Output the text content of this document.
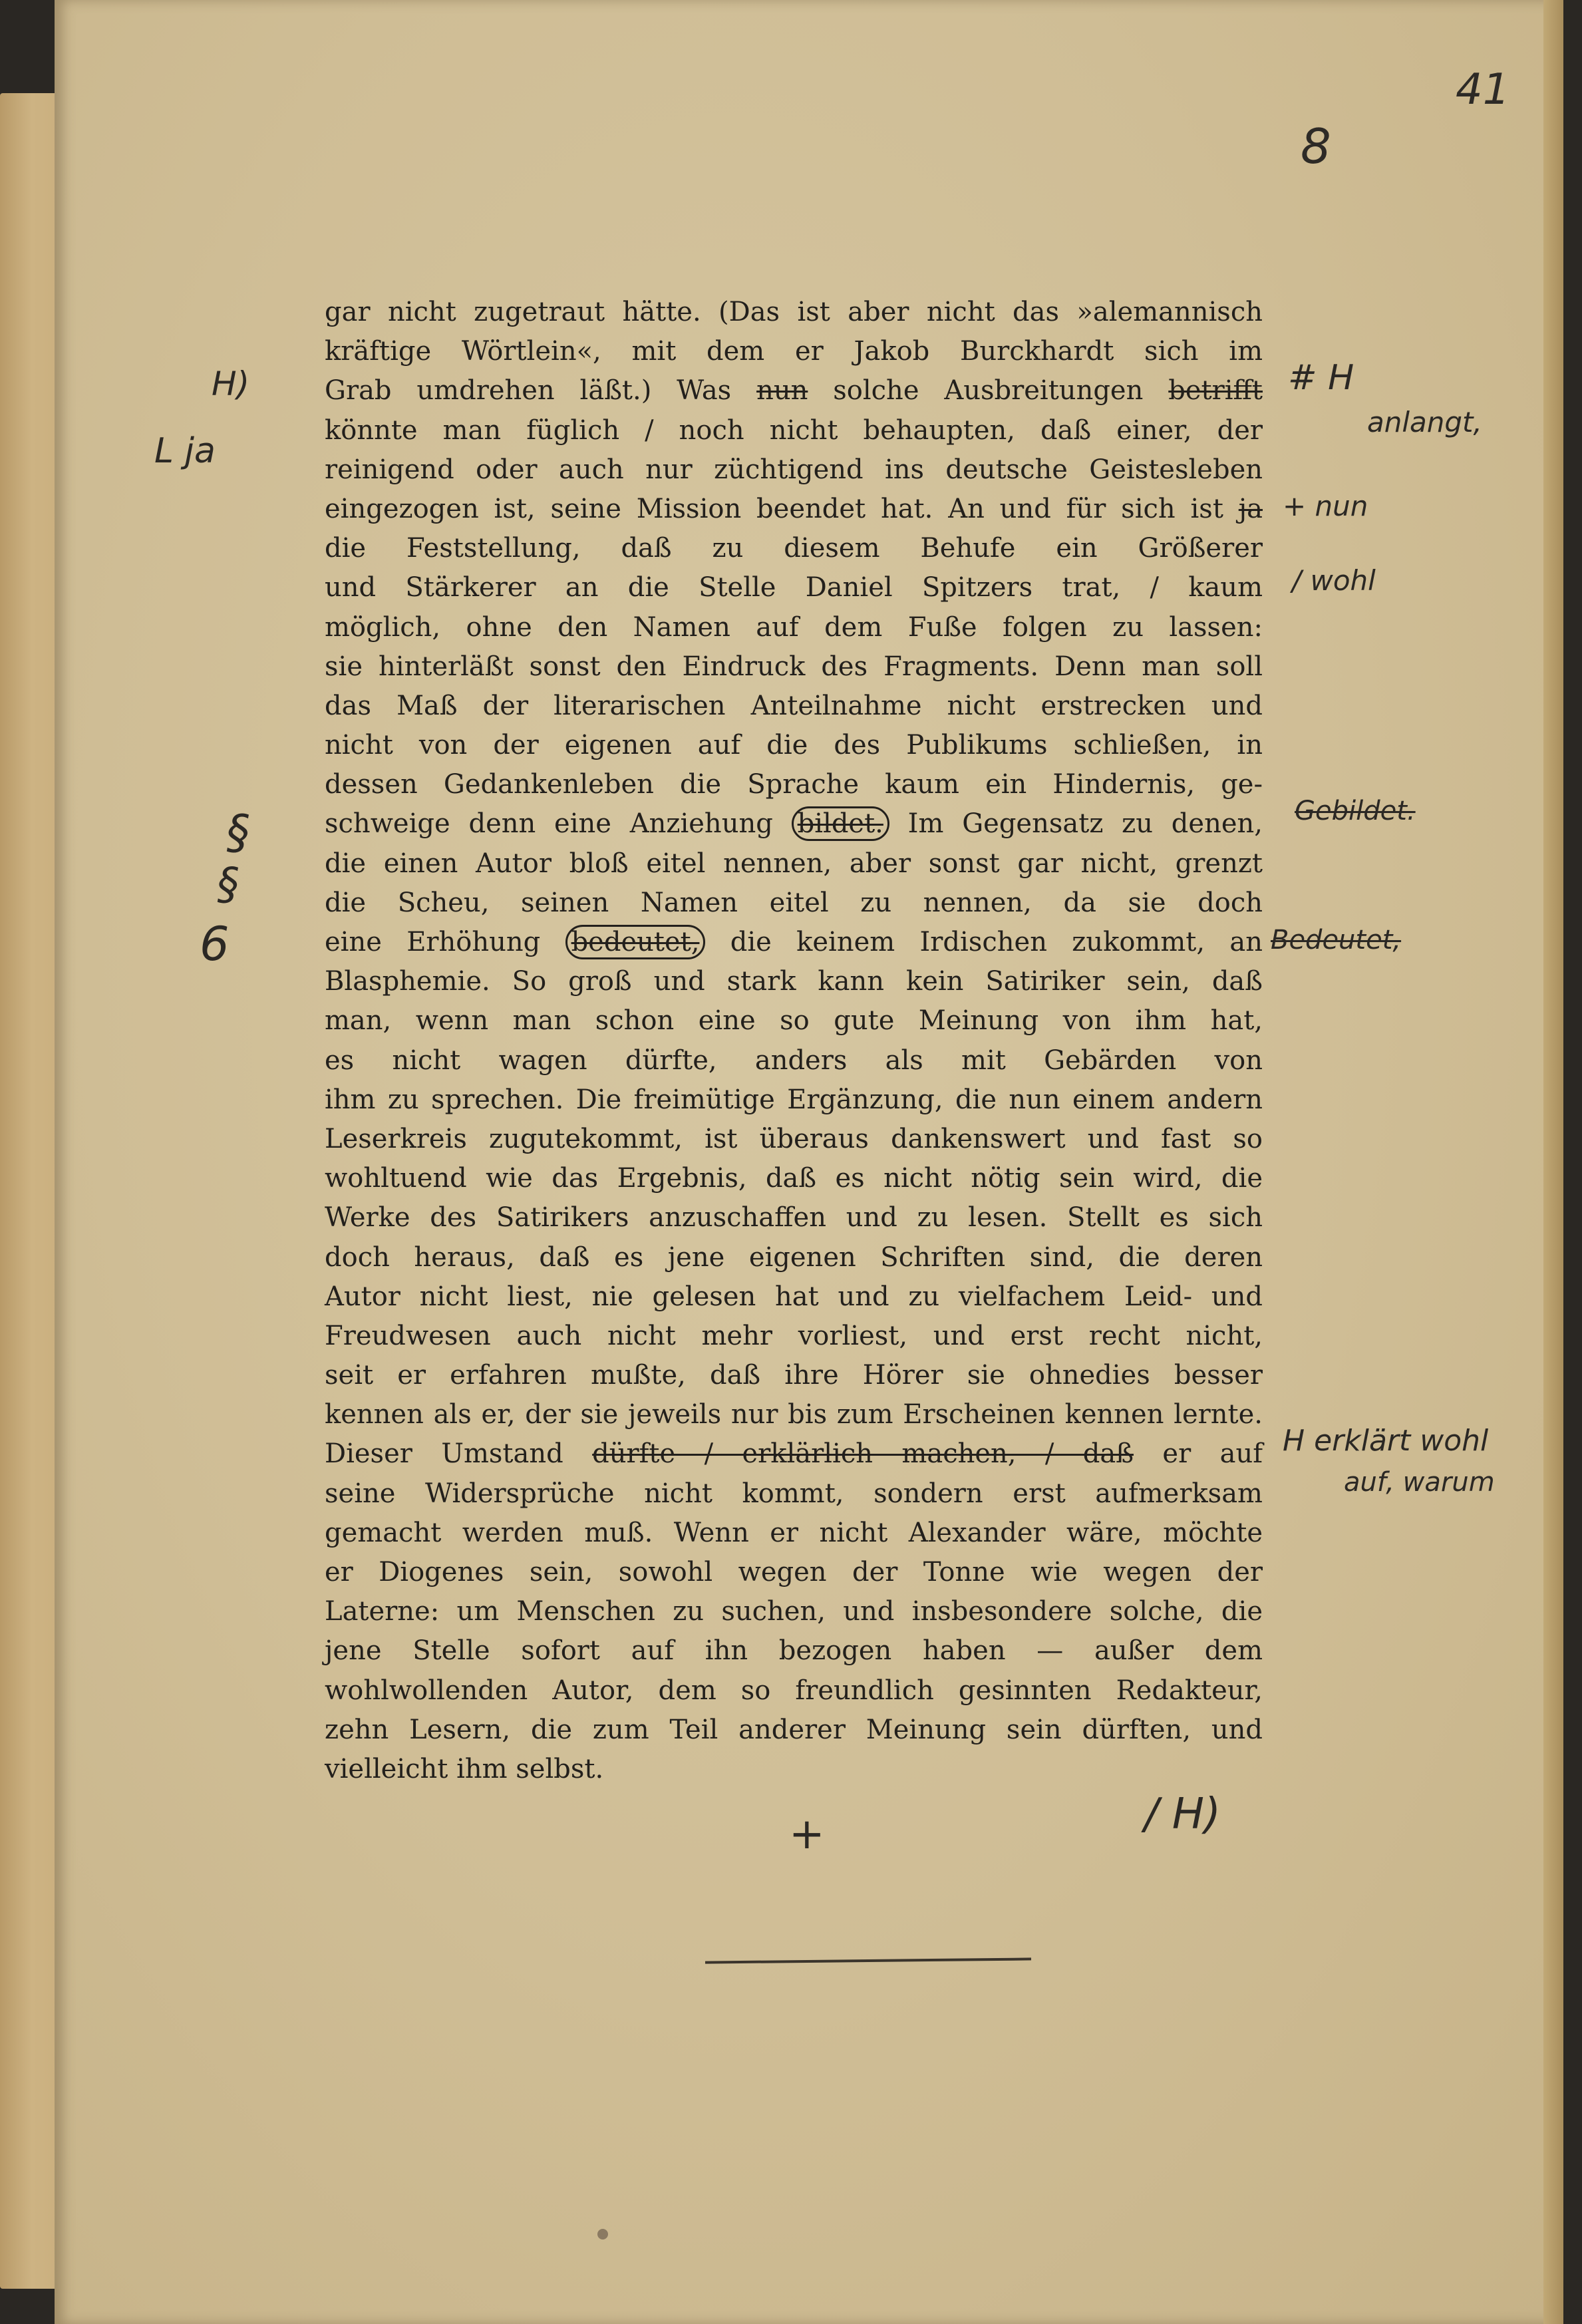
41
8
gar nicht zugetraut hätte. (Das ist aber nicht das »alemannisch
kräftige Wörtlein«, mit dem er Jakob Burckhardt sich im
Grab umdrehen läßt.) Was nun solche Ausbreitungen betrifft
könnte man füglich / noch nicht behaupten, daß einer, der
reinigend oder auch nur züchtigend ins deutsche Geistesleben
eingezogen ist, seine Mission beendet hat. An und für sich ist ja
die Feststellung, daß zu diesem Behufe ein Größerer
und Stärkerer an die Stelle Daniel Spitzers trat, / kaum
möglich, ohne den Namen auf dem Fuße folgen zu lassen:
sie hinterläßt sonst den Eindruck des Fragments. Denn man soll
das Maß der literarischen Anteilnahme nicht erstrecken und
nicht von der eigenen auf die des Publikums schließen, in
dessen Gedankenleben die Sprache kaum ein Hindernis, ge-
schweige denn eine Anziehung bildet. Im Gegensatz zu denen,
die einen Autor bloß eitel nennen, aber sonst gar nicht, grenzt
die Scheu, seinen Namen eitel zu nennen, da sie doch
eine Erhöhung bedeutet, die keinem Irdischen zukommt, an
Blasphemie. So groß und stark kann kein Satiriker sein, daß
man, wenn man schon eine so gute Meinung von ihm hat,
es nicht wagen dürfte, anders als mit Gebärden von
ihm zu sprechen. Die freimütige Ergänzung, die nun einem andern
Leserkreis zugutekommt, ist überaus dankenswert und fast so
wohltuend wie das Ergebnis, daß es nicht nötig sein wird, die
Werke des Satirikers anzuschaffen und zu lesen. Stellt es sich
doch heraus, daß es jene eigenen Schriften sind, die deren
Autor nicht liest, nie gelesen hat und zu vielfachem Leid- und
Freudwesen auch nicht mehr vorliest, und erst recht nicht,
seit er erfahren mußte, daß ihre Hörer sie ohnedies besser
kennen als er, der sie jeweils nur bis zum Erscheinen kennen lernte.
Dieser Umstand dürfte / erklärlich machen, / daß er auf
seine Widersprüche nicht kommt, sondern erst aufmerksam
gemacht werden muß. Wenn er nicht Alexander wäre, möchte
er Diogenes sein, sowohl wegen der Tonne wie wegen der
Laterne: um Menschen zu suchen, und insbesondere solche, die
jene Stelle sofort auf ihn bezogen haben — außer dem
wohlwollenden Autor, dem so freundlich gesinnten Redakteur,
zehn Lesern, die zum Teil anderer Meinung sein dürften, und
vielleicht ihm selbst.
H)
L ja
§
§
6
# H
anlangt,
+ nun
/ wohl
Gebildet.
Bedeutet,
H erklärt wohl
auf, warum
+	/ H)
